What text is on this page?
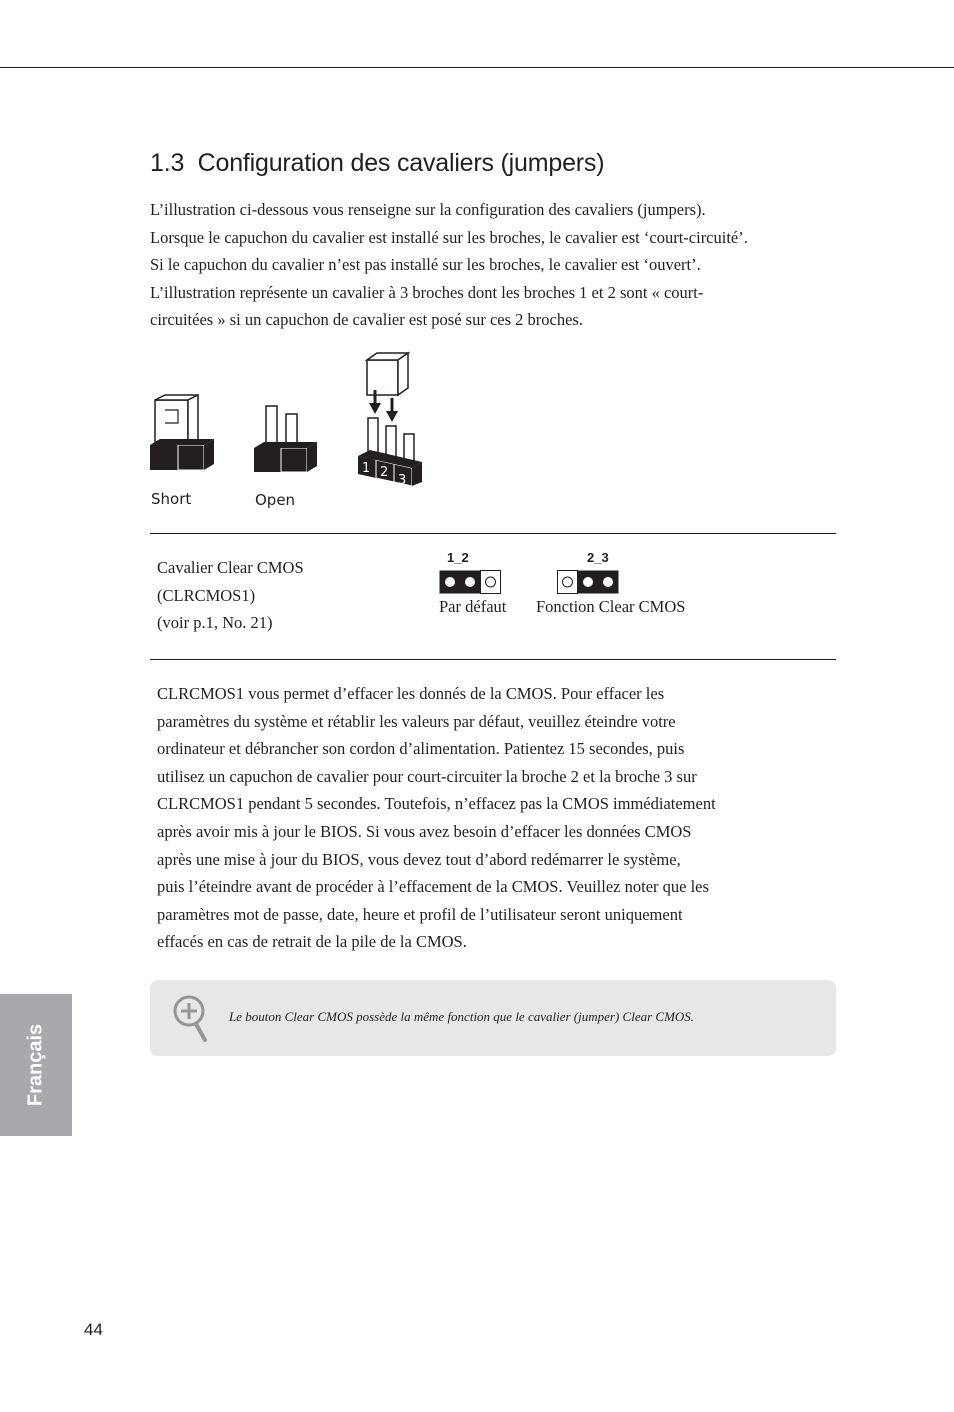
1.3 Configuration des cavaliers (jumpers)
L’illustration ci-dessous vous renseigne sur la configuration des cavaliers (jumpers).
Lorsque le capuchon du cavalier est installé sur les broches, le cavalier est ‘court-circuité’.
Si le capuchon du cavalier n’est pas installé sur les broches, le cavalier est ‘ouvert’.
L’illustration représente un cavalier à 3 broches dont les broches 1 et 2 sont « court-
circuitées » si un capuchon de cavalier est posé sur ces 2 broches.
Short	Open
1 2
3
Cavalier Clear CMOS
(CLRCMOS1)
(voir p.1, No. 21)
1_2
Par défaut
2_3
Fonction Clear CMOS
CLRCMOS1 vous permet d’effacer les donnés de la CMOS. Pour effacer les
paramètres du système et rétablir les valeurs par défaut, veuillez éteindre votre
ordinateur et débrancher son cordon d’alimentation. Patientez 15 secondes, puis
utilisez un capuchon de cavalier pour court-circuiter la broche 2 et la broche 3 sur
CLRCMOS1 pendant 5 secondes. Toutefois, n’effacez pas la CMOS immédiatement
après avoir mis à jour le BIOS. Si vous avez besoin d’effacer les données CMOS
après une mise à jour du BIOS, vous devez tout d’abord redémarrer le système,
puis l’éteindre avant de procéder à l’effacement de la CMOS. Veuillez noter que les
paramètres mot de passe, date, heure et profil de l’utilisateur seront uniquement
effacés en cas de retrait de la pile de la CMOS.
Le bouton Clear CMOS possède la même fonction que le cavalier (jumper) Clear CMOS.
Français
44
